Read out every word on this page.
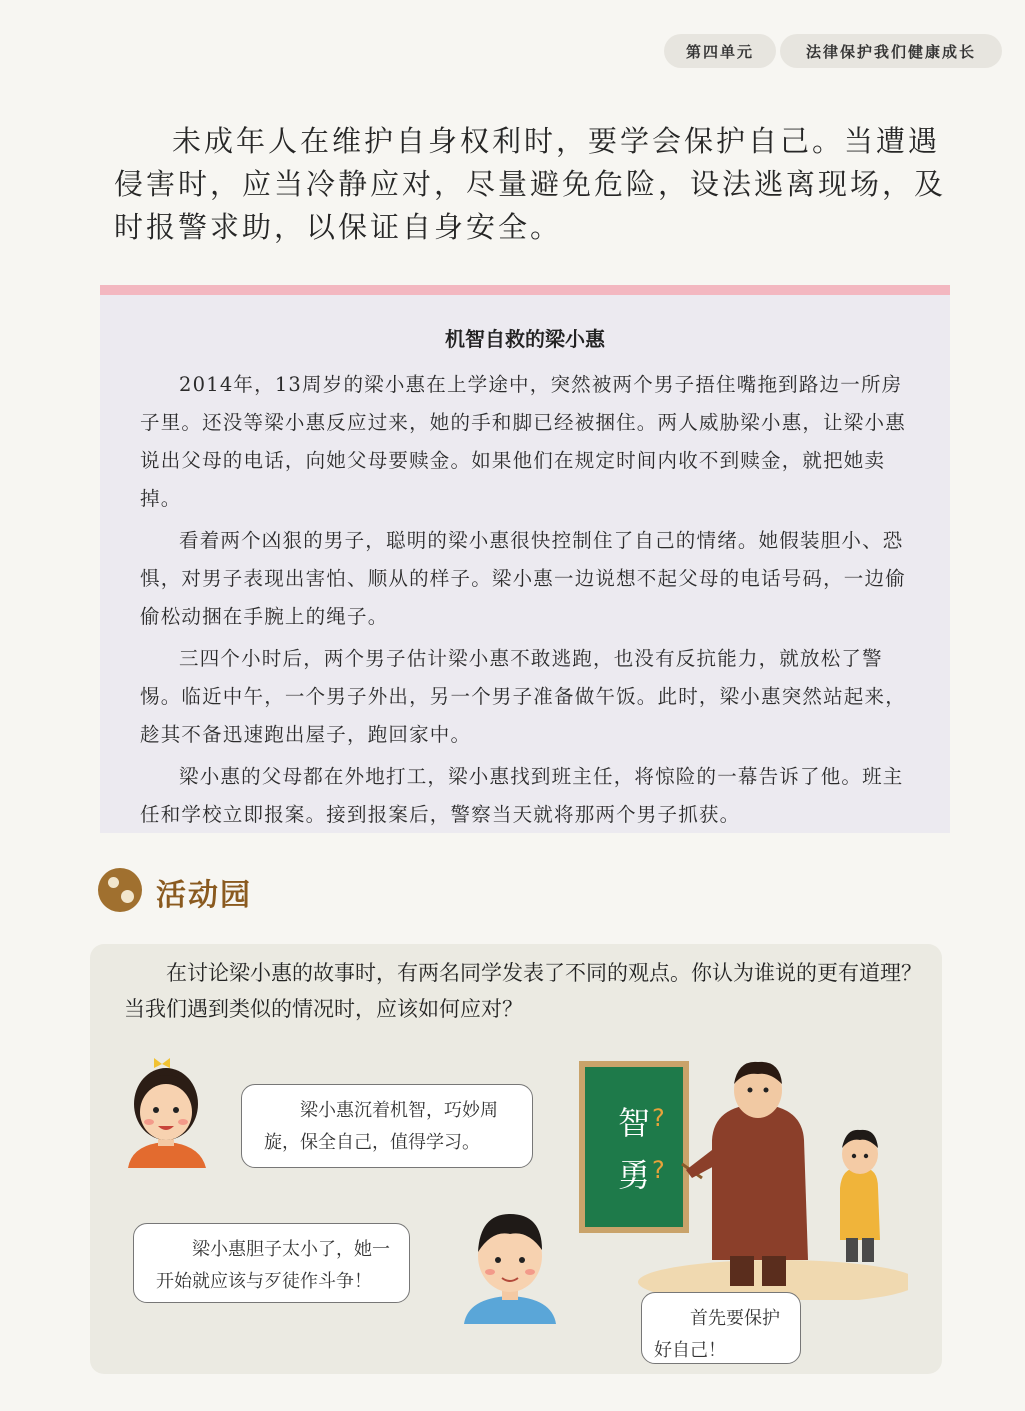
第四单元	法律保护我们健康成长

未成年人在维护自身权利时，要学会保护自己。当遭遇侵害时，应当冷静应对，尽量避免危险，设法逃离现场，及时报警求助，以保证自身安全。

机智自救的梁小惠

2014年，13周岁的梁小惠在上学途中，突然被两个男子捂住嘴拖到路边一所房子里。还没等梁小惠反应过来，她的手和脚已经被捆住。两人威胁梁小惠，让梁小惠说出父母的电话，向她父母要赎金。如果他们在规定时间内收不到赎金，就把她卖掉。

看着两个凶狠的男子，聪明的梁小惠很快控制住了自己的情绪。她假装胆小、恐惧，对男子表现出害怕、顺从的样子。梁小惠一边说想不起父母的电话号码，一边偷偷松动捆在手腕上的绳子。

三四个小时后，两个男子估计梁小惠不敢逃跑，也没有反抗能力，就放松了警惕。临近中午，一个男子外出，另一个男子准备做午饭。此时，梁小惠突然站起来，趁其不备迅速跑出屋子，跑回家中。

梁小惠的父母都在外地打工，梁小惠找到班主任，将惊险的一幕告诉了他。班主任和学校立即报案。接到报案后，警察当天就将那两个男子抓获。

活动园

在讨论梁小惠的故事时，有两名同学发表了不同的观点。你认为谁说的更有道理？当我们遇到类似的情况时，应该如何应对？

梁小惠沉着机智，巧妙周旋，保全自己，值得学习。
梁小惠胆子太小了，她一开始就应该与歹徒作斗争！
智 ?
勇 ?
首先要保护好自己！
